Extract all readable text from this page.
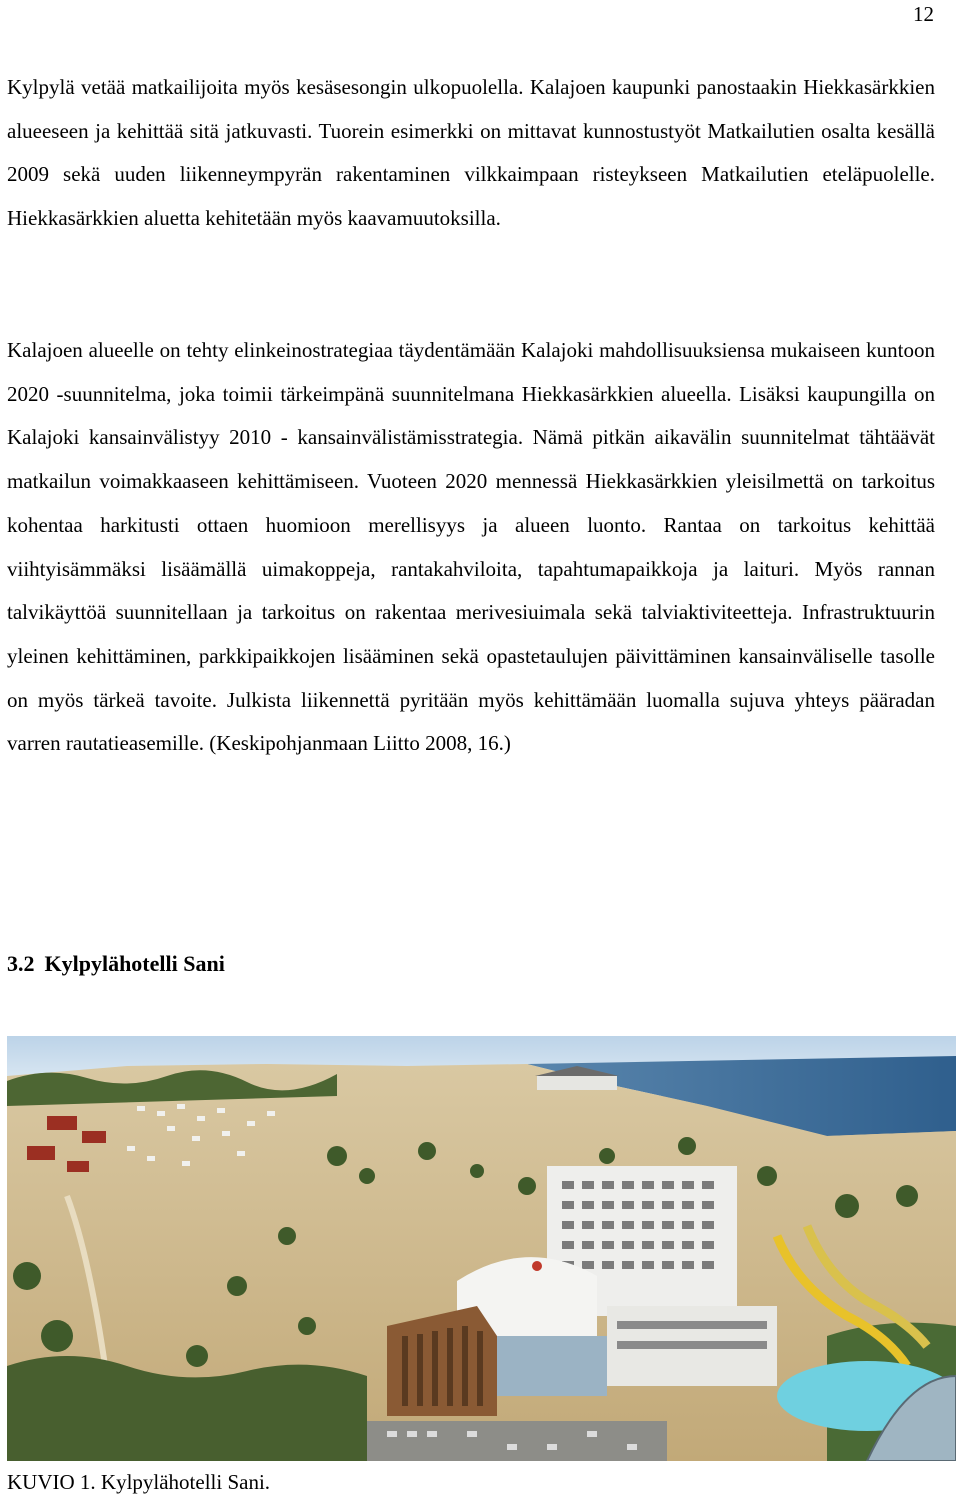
12

Kylpylä vetää matkailijoita myös kesäsesongin ulkopuolella. Kalajoen kaupunki panostaakin Hiekkasärkkien alueeseen ja kehittää sitä jatkuvasti. Tuorein esimerkki on mittavat kunnostustyöt Matkailutien osalta kesällä 2009 sekä uuden liikenneympyrän rakentaminen vilkkaimpaan risteykseen Matkailutien eteläpuolelle. Hiekkasärkkien aluetta kehitetään myös kaavamuutoksilla.

Kalajoen alueelle on tehty elinkeinostrategiaa täydentämään Kalajoki mahdollisuuksiensa mukaiseen kuntoon 2020 -suunnitelma, joka toimii tärkeimpänä suunnitelmana Hiekkasärkkien alueella. Lisäksi kaupungilla on Kalajoki kansainvälistyy 2010 - kansainvälistämisstrategia. Nämä pitkän aikavälin suunnitelmat tähtäävät matkailun voimakkaaseen kehittämiseen. Vuoteen 2020 mennessä Hiekkasärkkien yleisilmettä on tarkoitus kohentaa harkitusti ottaen huomioon merellisyys ja alueen luonto. Rantaa on tarkoitus kehittää viihtyisämmäksi lisäämällä uimakoppeja, rantakahviloita, tapahtumapaikkoja ja laituri. Myös rannan talvikäyttöä suunnitellaan ja tarkoitus on rakentaa merivesiuimala sekä talviaktiviteetteja. Infrastruktuurin yleinen kehittäminen, parkkipaikkojen lisääminen sekä opastetaulujen päivittäminen kansainväliselle tasolle on myös tärkeä tavoite. Julkista liikennettä pyritään myös kehittämään luomalla sujuva yhteys pääradan varren rautatieasemille. (Keskipohjanmaan Liitto 2008, 16.)

3.2 Kylpylähotelli Sani

KUVIO 1. Kylpylähotelli Sani.
